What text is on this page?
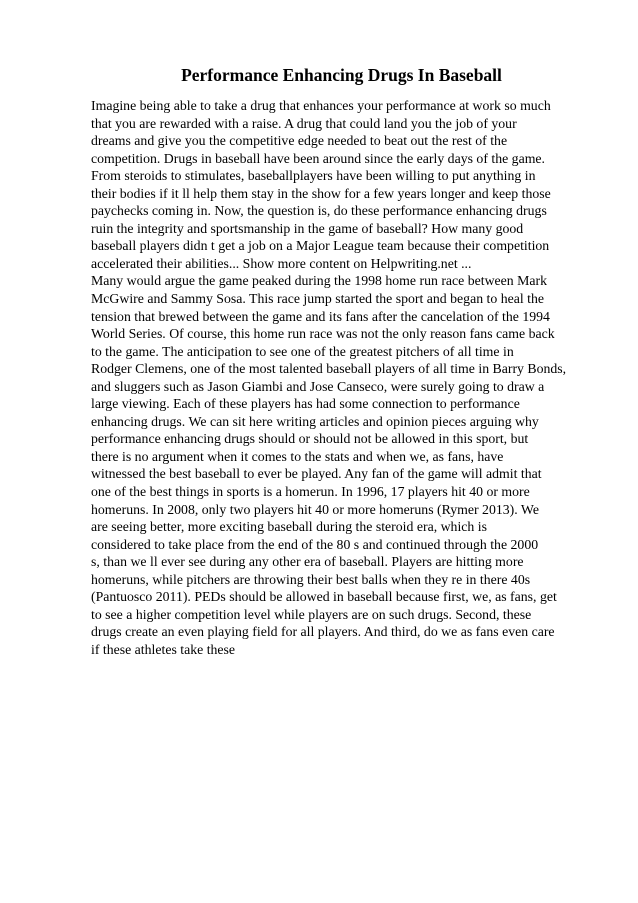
Performance Enhancing Drugs In Baseball
Imagine being able to take a drug that enhances your performance at work so much
that you are rewarded with a raise. A drug that could land you the job of your
dreams and give you the competitive edge needed to beat out the rest of the
competition. Drugs in baseball have been around since the early days of the game.
From steroids to stimulates, baseballplayers have been willing to put anything in
their bodies if it ll help them stay in the show for a few years longer and keep those
paychecks coming in. Now, the question is, do these performance enhancing drugs
ruin the integrity and sportsmanship in the game of baseball? How many good
baseball players didn t get a job on a Major League team because their competition
accelerated their abilities... Show more content on Helpwriting.net ...
Many would argue the game peaked during the 1998 home run race between Mark
McGwire and Sammy Sosa. This race jump started the sport and began to heal the
tension that brewed between the game and its fans after the cancelation of the 1994
World Series. Of course, this home run race was not the only reason fans came back
to the game. The anticipation to see one of the greatest pitchers of all time in
Rodger Clemens, one of the most talented baseball players of all time in Barry Bonds,
and sluggers such as Jason Giambi and Jose Canseco, were surely going to draw a
large viewing. Each of these players has had some connection to performance
enhancing drugs. We can sit here writing articles and opinion pieces arguing why
performance enhancing drugs should or should not be allowed in this sport, but
there is no argument when it comes to the stats and when we, as fans, have
witnessed the best baseball to ever be played. Any fan of the game will admit that
one of the best things in sports is a homerun. In 1996, 17 players hit 40 or more
homeruns. In 2008, only two players hit 40 or more homeruns (Rymer 2013). We
are seeing better, more exciting baseball during the steroid era, which is
considered to take place from the end of the 80 s and continued through the 2000
s, than we ll ever see during any other era of baseball. Players are hitting more
homeruns, while pitchers are throwing their best balls when they re in there 40s
(Pantuosco 2011). PEDs should be allowed in baseball because first, we, as fans, get
to see a higher competition level while players are on such drugs. Second, these
drugs create an even playing field for all players. And third, do we as fans even care
if these athletes take these
